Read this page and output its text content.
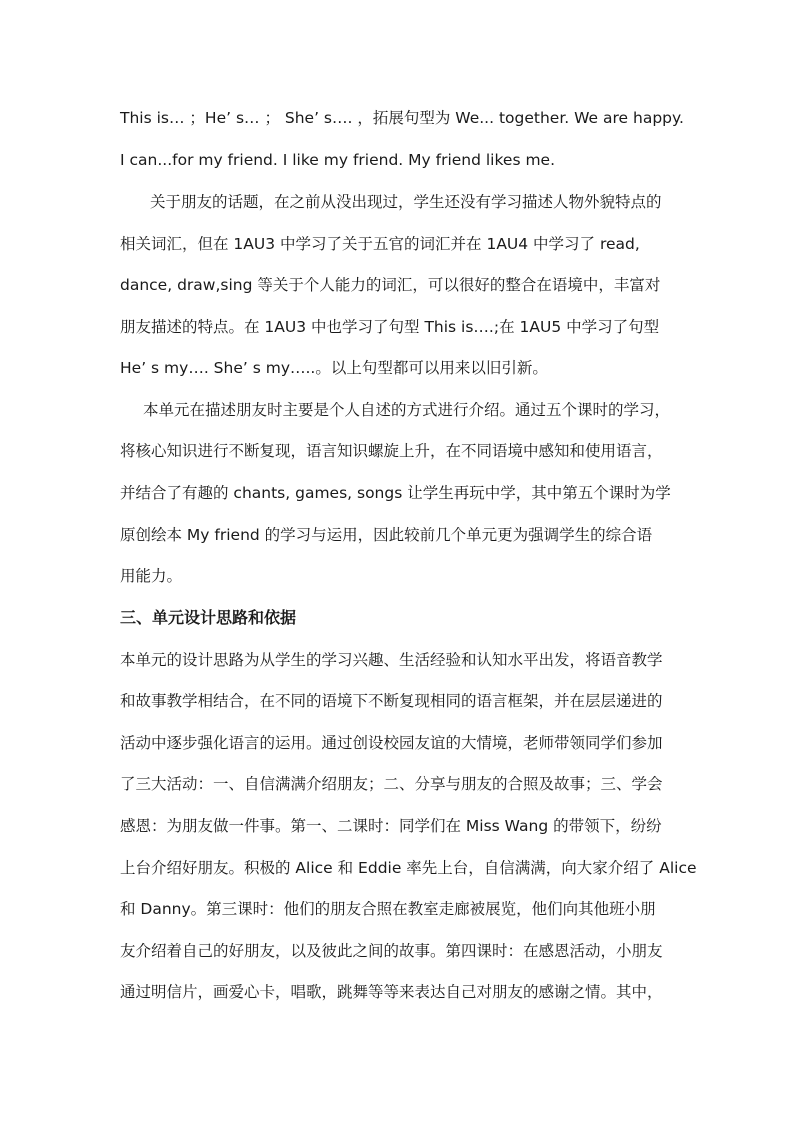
This is… ；He’ s… ； She’ s…. ，拓展句型为 We... together. We are happy.
I can...for my friend. I like my friend. My friend likes me.
关于朋友的话题，在之前从没出现过，学生还没有学习描述人物外貌特点的
相关词汇，但在 1AU3 中学习了关于五官的词汇并在 1AU4 中学习了 read,
dance, draw,sing 等关于个人能力的词汇，可以很好的整合在语境中，丰富对
朋友描述的特点。在 1AU3 中也学习了句型 This is….;在 1AU5 中学习了句型
He’ s my…. She’ s my…..。以上句型都可以用来以旧引新。
本单元在描述朋友时主要是个人自述的方式进行介绍。通过五个课时的学习，
将核心知识进行不断复现，语言知识螺旋上升，在不同语境中感知和使用语言，
并结合了有趣的 chants, games, songs 让学生再玩中学，其中第五个课时为学
原创绘本 My friend 的学习与运用，因此较前几个单元更为强调学生的综合语
用能力。
三、单元设计思路和依据
本单元的设计思路为从学生的学习兴趣、生活经验和认知水平出发，将语音教学
和故事教学相结合，在不同的语境下不断复现相同的语言框架，并在层层递进的
活动中逐步强化语言的运用。通过创设校园友谊的大情境，老师带领同学们参加
了三大活动：一、自信满满介绍朋友；二、分享与朋友的合照及故事；三、学会
感恩：为朋友做一件事。第一、二课时：同学们在 Miss Wang 的带领下，纷纷
上台介绍好朋友。积极的 Alice 和 Eddie 率先上台，自信满满，向大家介绍了 Alice
和 Danny。第三课时：他们的朋友合照在教室走廊被展览，他们向其他班小朋
友介绍着自己的好朋友，以及彼此之间的故事。第四课时：在感恩活动，小朋友
通过明信片，画爱心卡，唱歌，跳舞等等来表达自己对朋友的感谢之情。其中，
